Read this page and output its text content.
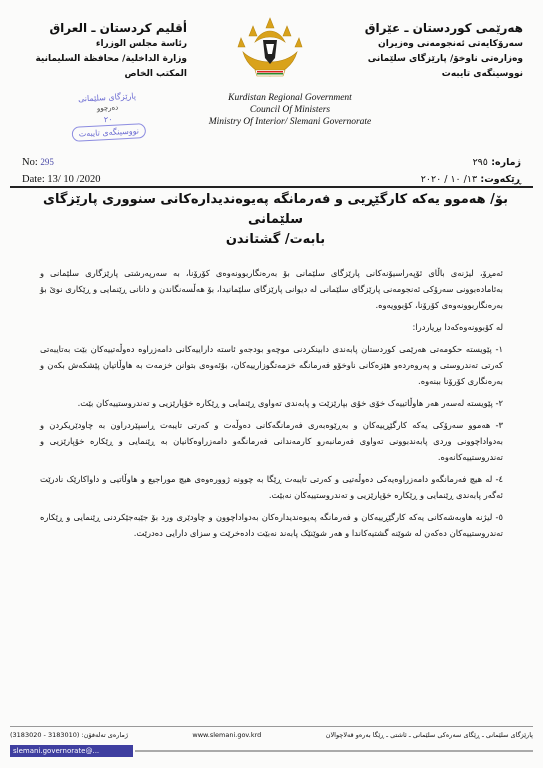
هەرێمی کوردستان ـ عێراق
سەرۆکایەتی ئەنجومەنی وەزیران
وەزارەتی ناوخۆ/ پارێزگای سلێمانی
نووسینگەی تایبەت
أقليم كردستان ـ العراق
رئاسة مجلس الوزراء
وزارة الداخلية/ محافظة السليمانية
المكتب الخاص
پارێزگای سلێمانی
دەرچوو
٢٠
نووسینگەی تایبەت
Kurdistan Regional Government
Council Of Ministers
Ministry Of Interior/ Slemani Governorate
No: 295
Date: 13/ 10 /2020
ژمارە: ٢٩٥
ڕێکەوت: ١٣/ ١٠ / ٢٠٢٠
بۆ/ هەموو یەکە کارگێڕیی و فەرمانگە پەیوەندیدارەکانی سنووری پارێزگای سلێمانی
بابەت/ گشتاندن

ئەمڕۆ، لیژنەی باڵای ئۆپەراسیۆنەکانی پارێزگای سلێمانی بۆ بەرەنگاربوونەوەی کۆرۆنا، بە سەرپەرشتی پارێزگاری سلێمانی و بەئامادەبوونی سەرۆکی ئەنجومەنی پارێزگای سلێمانی لە دیوانی پارێزگای سلێمانیدا، بۆ هەڵسەنگاندن و دانانی ڕێنمایی و ڕێکاری نوێ بۆ بەرەنگاربوونەوەی کۆرۆنا، کۆبوویەوە.

لە کۆبوونەوەکەدا بڕیاردرا:

١- پێویستە حکومەتی هەرێمی کوردستان پابەندی دابینکردنی موچەو بودجەو ئاستە داراییەکانی دامەزراوە دەوڵەتییەکان بێت بەتایبەتی کەرتی تەندروستی و پەروەردەو هێزەکانی ناوخۆو فەرمانگە خزمەتگوزارییەکان، بۆئەوەی بتوانن خزمەت بە هاوڵاتیان پێشکەش بکەن و بەرەنگاری کۆرۆنا ببنەوە.

٢- پێویستە لەسەر هەر هاوڵاتییەک خۆی خۆی بپارێزێت و پابەندی تەواوی ڕێنمایی و ڕێکارە خۆپارێزیی و تەندروستییەکان بێت.

٣- هەموو سەرۆکی یەکە کارگێڕییەکان و بەڕێوەبەری فەرمانگەکانی دەوڵەت و کەرتی تایبەت ڕاسپێردراون بە چاودێریکردن و بەدواداچوونی وردی پابەندبوونی تەواوی فەرمانبەرو کارمەندانی فەرمانگەو دامەزراوەکانیان بە ڕێنمایی و ڕێکارە خۆپارێزیی و تەندروستییەکانەوە.

٤- لە هیچ فەرمانگەو دامەزراوەیەکی دەوڵەتیی و کەرتی تایبەت ڕێگا بە چوونە ژوورەوەی هیچ موراجیع و هاوڵاتیی و داواکارێک نادرێت ئەگەر پابەندی ڕێنمایی و ڕێکارە خۆپارێزیی و تەندروستییەکان نەبێت.

٥- لیژنە هاوبەشەکانی یەکە کارگێڕییەکان و فەرمانگە پەیوەندیدارەکان بەدواداچوون و چاودێری ورد بۆ جێبەجێکردنی ڕێنمایی و ڕێکارە تەندروستییەکان دەکەن لە شوێنە گشتیەکاندا و هەر شوێنێک پابەند نەبێت دادەخرێت و سزای دارایی دەدرێت.

(3183020 - 3183010) :ژمارەی تەلەفۆن	www.slemani.gov.krd	پارێزگای سلێمانی ـ ڕێگای سەرەکی سلێمانی ـ ئاشتی ـ ڕێگا بەرەو قەلاچوالان
slemani.governorate@...
